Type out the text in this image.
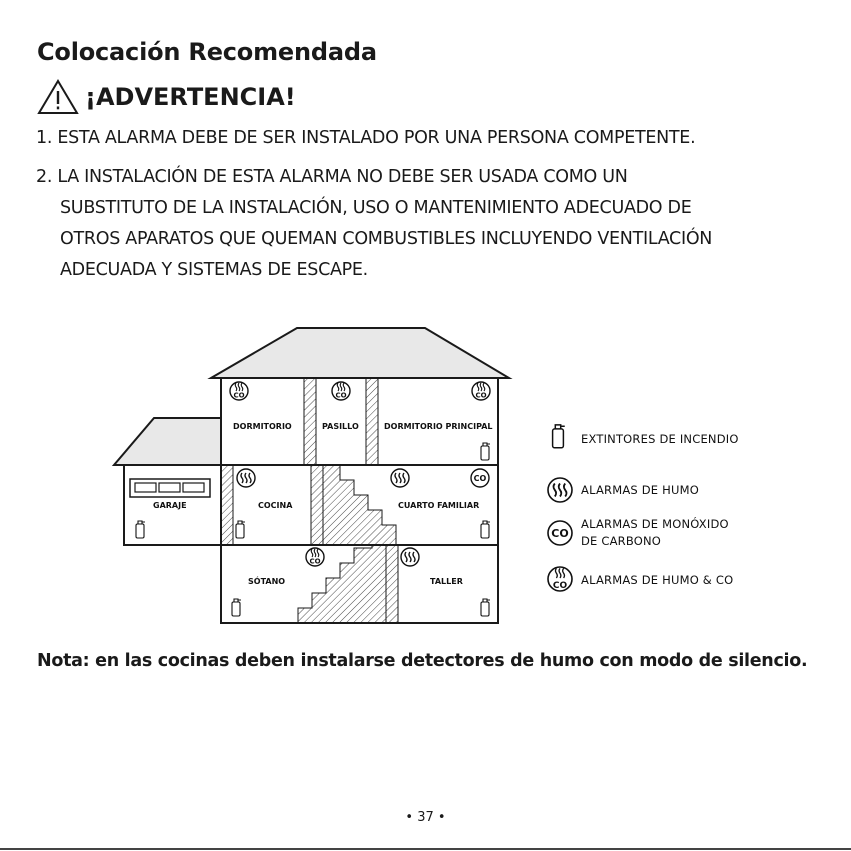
Colocación Recomendada
¡ADVERTENCIA!
1. ESTA ALARMA DEBE DE SER INSTALADO POR UNA PERSONA COMPETENTE.
2. LA INSTALACIÓN DE ESTA ALARMA NO DEBE SER USADA COMO UN
SUBSTITUTO DE LA INSTALACIÓN, USO O MANTENIMIENTO ADECUADO DE
OTROS APARATOS QUE QUEMAN COMBUSTIBLES INCLUYENDO VENTILACIÓN
ADECUADA Y SISTEMAS DE ESCAPE.
DORMITORIO	PASILLO	DORMITORIO PRINCIPAL
GARAJE	COCINA	CUARTO FAMILIAR
SÓTANO	TALLER
CO	CO	CO
CO
CO
EXTINTORES DE INCENDIO
ALARMAS DE HUMO
CO
ALARMAS DE MONÓXIDO
DE CARBONO
CO ALARMAS DE HUMO & CO
Nota: en las cocinas deben instalarse detectores de humo con modo de silencio.
• 37 •
